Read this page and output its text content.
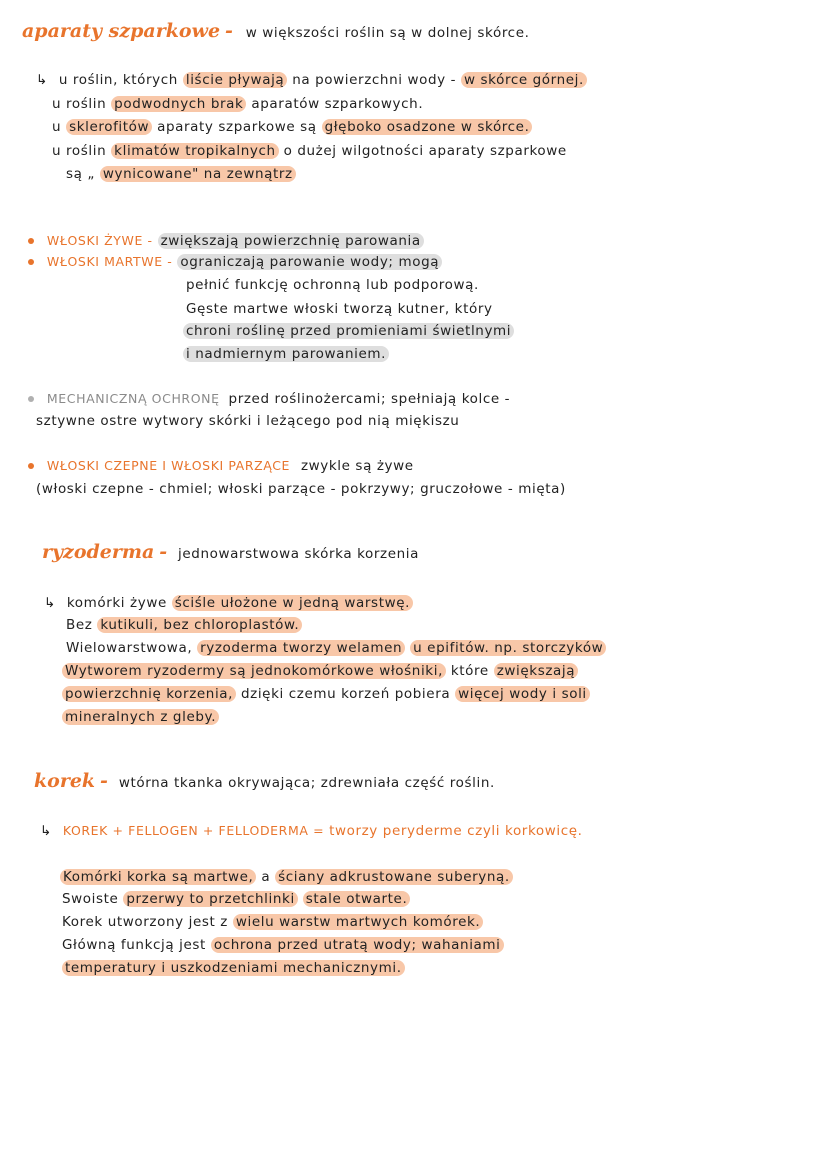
aparaty szparkowe - w większości roślin są w dolnej skórce.
↳ u roślin, których liście pływają na powierzchni wody - w skórce górnej.
u roślin podwodnych brak aparatów szparkowych.
u sklerofitów aparaty szparkowe są głęboko osadzone w skórce.
u roślin klimatów tropikalnych o dużej wilgotności aparaty szparkowe
są „ wynicowane" na zewnątrz
WŁOSKI ŻYWE - zwiększają powierzchnię parowania
WŁOSKI MARTWE - ograniczają parowanie wody; mogą
pełnić funkcję ochronną lub podporową.
Gęste martwe włoski tworzą kutner, który
chroni roślinę przed promieniami świetlnymi
i nadmiernym parowaniem.
MECHANICZNĄ OCHRONĘ przed roślinożercami; spełniają kolce -
sztywne ostre wytwory skórki i leżącego pod nią miękiszu
WŁOSKI CZEPNE I WŁOSKI PARZĄCE zwykle są żywe
(włoski czepne - chmiel; włoski parzące - pokrzywy; gruczołowe - mięta)
ryzoderma - jednowarstwowa skórka korzenia
↳ komórki żywe ściśle ułożone w jedną warstwę.
Bez kutikuli, bez chloroplastów.
Wielowarstwowa, ryzoderma tworzy welamen u epifitów. np. storczyków
Wytworem ryzodermy są jednokomórkowe włośniki, które zwiększają
powierzchnię korzenia, dzięki czemu korzeń pobiera więcej wody i soli
mineralnych z gleby.
korek - wtórna tkanka okrywająca; zdrewniała część roślin.
↳ KOREK + FELLOGEN + FELLODERMA = tworzy peryderme czyli korkowicę.
Komórki korka są martwe, a ściany adkrustowane suberyną.
Swoiste przerwy to przetchlinki stale otwarte.
Korek utworzony jest z wielu warstw martwych komórek.
Główną funkcją jest ochrona przed utratą wody; wahaniami
temperatury i uszkodzeniami mechanicznymi.
